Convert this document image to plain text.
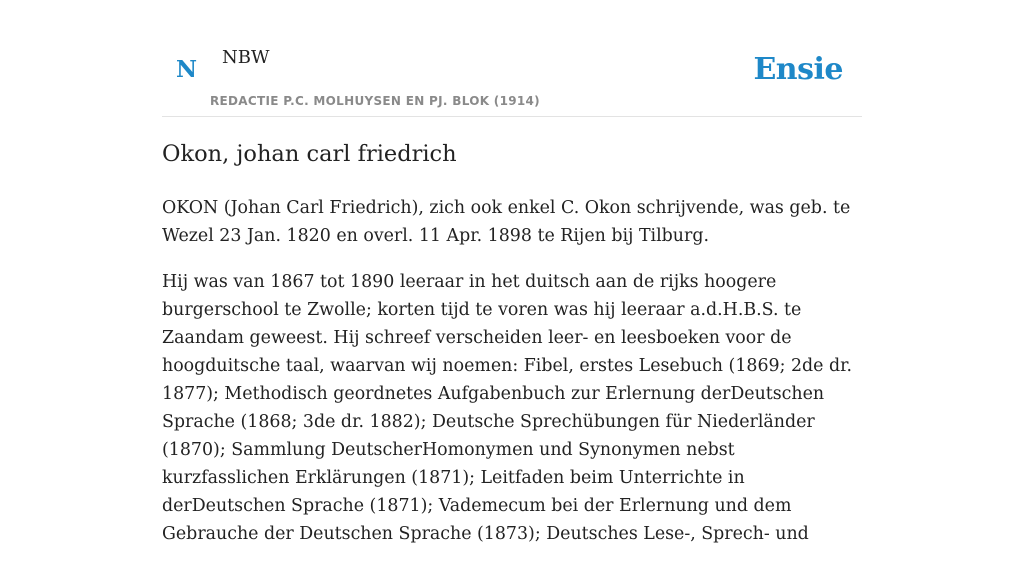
N NBW
REDACTIE P.C. MOLHUYSEN EN PJ. BLOK (1914)
Ensie
Okon, johan carl friedrich

OKON (Johan Carl Friedrich), zich ook enkel C. Okon schrijvende, was geb. te Wezel 23 Jan. 1820 en overl. 11 Apr. 1898 te Rijen bij Tilburg.

Hij was van 1867 tot 1890 leeraar in het duitsch aan de rijks hoogere burgerschool te Zwolle; korten tijd te voren was hij leeraar a.d.H.B.S. te Zaandam geweest. Hij schreef verscheiden leer- en leesboeken voor de hoogduitsche taal, waarvan wij noemen: Fibel, erstes Lesebuch (1869; 2de dr. 1877); Methodisch geordnetes Aufgabenbuch zur Erlernung derDeutschen Sprache (1868; 3de dr. 1882); Deutsche Sprechübungen für Niederländer (1870); Sammlung DeutscherHomonymen und Synonymen nebst kurzfasslichen Erklärungen (1871); Leitfaden beim Unterrichte in derDeutschen Sprache (1871); Vademecum bei der Erlernung und dem Gebrauche der Deutschen Sprache (1873); Deutsches Lese-, Sprech- und
